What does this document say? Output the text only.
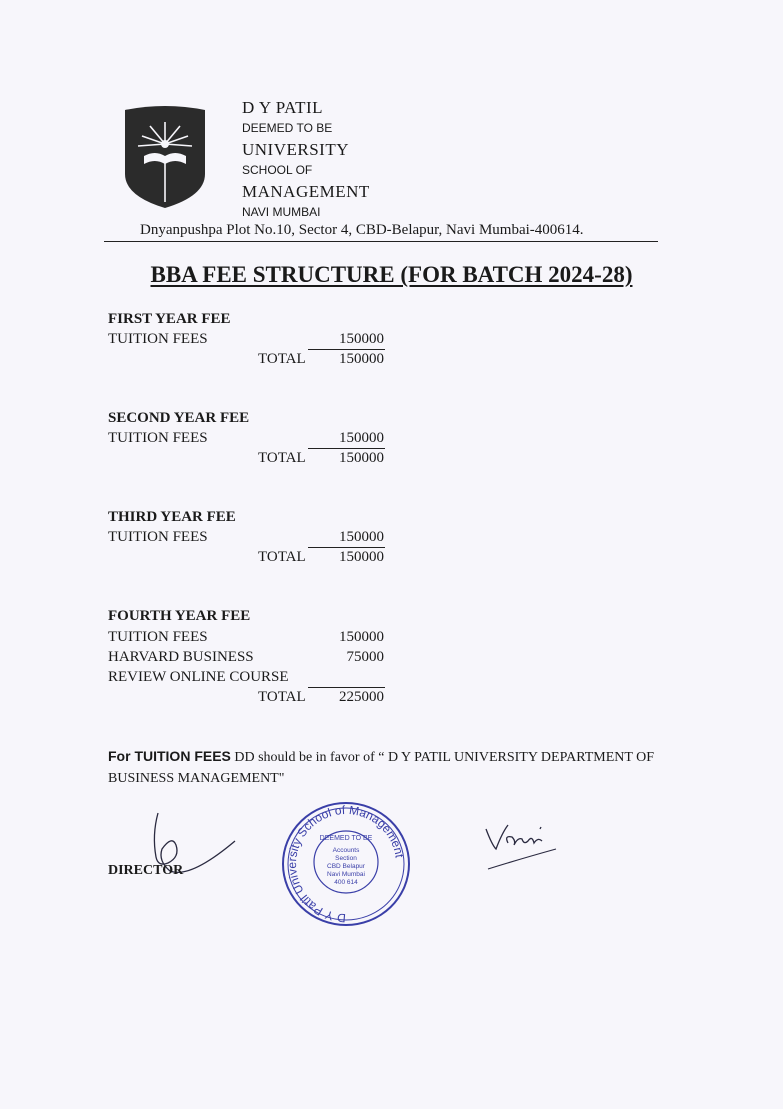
D Y PATIL
DEEMED TO BE
UNIVERSITY
SCHOOL OF
MANAGEMENT
NAVI MUMBAI
Dnyanpushpa Plot No.10, Sector 4, CBD-Belapur, Navi Mumbai-400614.
BBA FEE STRUCTURE (FOR BATCH 2024-28)
FIRST YEAR FEE
TUITION FEES	150000
TOTAL	150000
SECOND YEAR FEE
TUITION FEES	150000
TOTAL	150000
THIRD YEAR FEE
TUITION FEES	150000
TOTAL	150000
FOURTH YEAR FEE
TUITION FEES	150000
HARVARD BUSINESS	75000
REVIEW ONLINE COURSE
TOTAL	225000
For TUITION FEES DD should be in favor of “ D Y PATIL UNIVERSITY DEPARTMENT OF BUSINESS MANAGEMENT"
DIRECTOR
D Y Patil University School of Management
DEEMED TO BE
Accounts
Section
CBD Belapur
Navi Mumbai
400 614
